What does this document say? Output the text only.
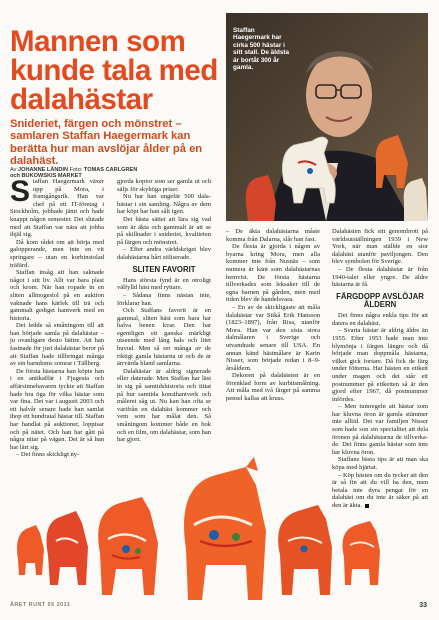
Mannen som kunde tala med dalahästar

Snideriet, färgen och mönstret – samlaren Staffan Haegermark kan berätta hur man avslöjar ålder på en dalahäst.

Av JOHANNE LÄNDIN Foto: TOMAS CARLGREN
och BUKOWSKIS MARKET
Staffan Haegermark har cirka 500 hästar i sitt stall. De äldsta är bortåt 300 år gamla.

Staffan Haegermark växer upp på Mora, i framgångsrik. Han var chef på ett IT-företag i Stockholm, jobbade jämt och hade knappt någon semester. Det slutade med att Staffan var nära att jobba ihjäl sig.

Då kom rådet om att börja med galopperande, men inte en vit springare – utan en korbinstolad träfärd.

Staffan insåg att han saknade något i sitt liv. Allt var bara plast och krom. När han ropade in en sliten allmogestol på en auktion vaknade hans kärlek till trä och gammalt gediget hantverk med en historia.

Det ledde så småningom till att han började samla på dalahästar – ju ovanligare desto bättre. Att han fastnade för just dalahästar beror på att Staffan hade tillbringat många av sin barndoms somrar i Tällberg.

De första hästarna han köpte han i en antikaffär i Fjugesta och affärsinnehavaren tyckte att Staffan hade bra öga för vilka hästar som var fina. Det var i augusti 2003 och ett halvår senare hade han samlat ihop ett hundratal hästar till. Staffan har handlat på auktioner, loppisar och på nätet. Och han har gått på några nitar på vägen. Det är så han har lärt sig.

– Det finns skickligt ny-

gjorda kopior som ser gamla ut och säljs för skyhöga priser.

Nu har han ungefär 500 dalahästar i sin samling. Några av dem har köpt har han sålt igen.

Det bästa sättet att lära sig vad som är äkta och gammalt är att se på skillnader i snideriet, kvaliteten på färgen och mönstret.

– Efter andra världskriget blev dalahästarna hårt stiliserade.

SLITEN FAVORIT

Hans största fynd är en otroligt välfylld häst med ryttare.

– Sådana finns nästan inte, förklarar han.

Och Staffans favorit är en gammal, sliten häst som bara har halva benen kvar. Den har egentligen ett ganska märkligt utseende med lång hals och litet huvud. Men så ser många av de riktigt gamla hästarna ut och de är ärrvärda bland samlarna.

Dalahästar är aldrig signerade eller daterade. Men Staffan har läst in sig på samtidshistoria och tittat på hur samtida konsthantverk och målerei såg ut. Nu kan han ofta se varifrån en dalahäst kommer och vem som har målat den. Så småningom kommer både en bok och en film, om dalahästar, som han har gjort.

– De äkta dalahästarna måste komma från Dalarna, slår han fast.

De flesta är gjorda i någon av byarna kring Mora, men alla kommer inte från Nusnäs – som numera är känt som dalahästarnas hemvist. De första hästarna tillverkades som leksaker till de egna barnen på gården, men med tiden blev de handelsvara.

– En av de skickligaste att måla dalahästar var Stikå Erik Hansson (1823–1897), från Risa, utanför Mora. Han var den sista stora dalmålaren i Sverige och utvandrade senare till USA. En annan känd hästmålare är Karin Nisser, som började redan i 8–9-årsåldern.

Dekoren på dalahästen är en förenklad form av kurbitsmålning. Att måla med två färger på samma pensel kallas att kruss.

Dalahästen fick sitt genombrott på världsutställningen 1939 i New York, när man ställde en stor dalahäst utanför paviljongen. Den blev symbolen för Sverige.

– De flesta dalahästar är från 1940-talet eller yngre. De äldre hästarna är få.

FÄRGDOPP AVSLÖJAR ÅLDERN

Det finns några enkla tips för att datera en dalahäst.

– Svarta hästar är aldrig äldre än 1955. Efter 1953 hade man inte blymönja i färgen längre och då började man doppmåla hästarna, vilket gick fortare. Då fick de färg under fötterna. Har hästen en etikett under magen och det står ett postnummer på etiketten så är den gjord efter 1967, då postnummer infördes.

– Men tumregeln att hästar som har kluvna öron är gamla stämmer inte alltid. Det var familjen Nisser som hade son sin specialitet att dela öronen på dalahästarna de tillverkade. Det finns gamla hästar som inte har kluvna öron.

Staffans bästa tips är att man ska köpa med hjärtat.

– Köp hästen om du tycker att den är så fin att du vill ha den, men betala inte dyra pengar för en dalahäst om du inte är säker på att den är äkta.

ÅRET RUNT 05 2011	33
